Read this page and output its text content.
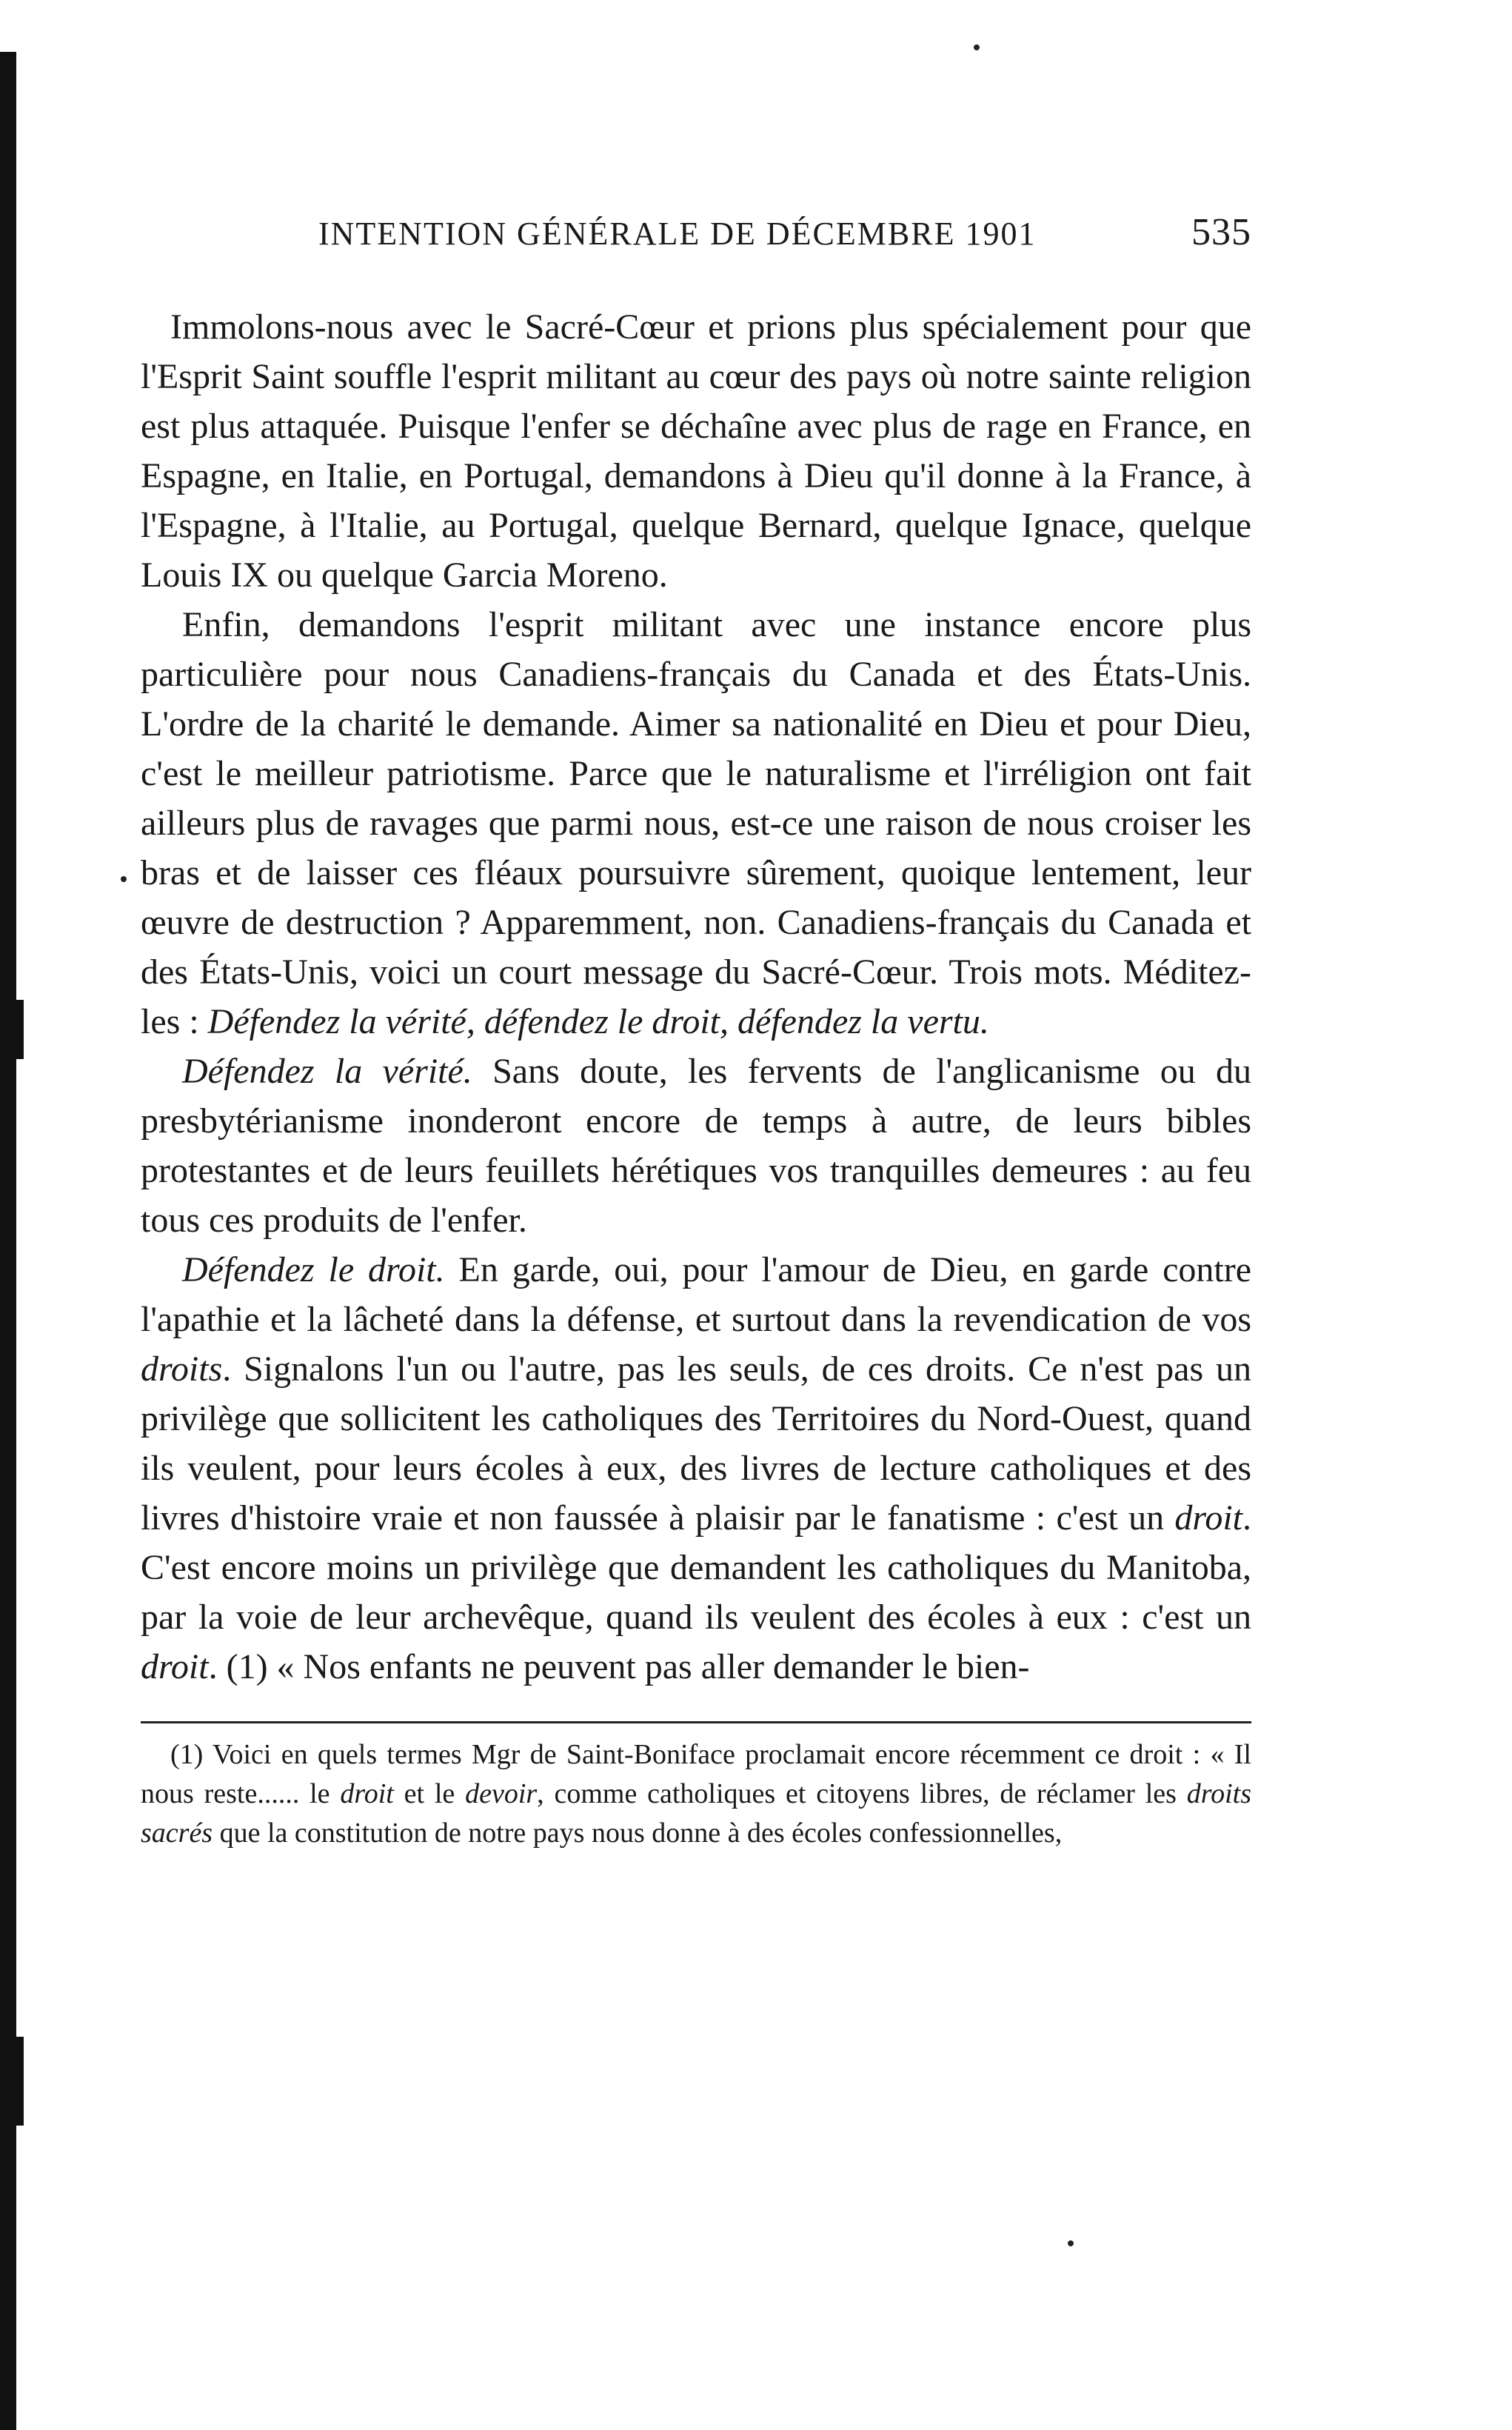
INTENTION GÉNÉRALE DE DÉCEMBRE 1901	535

Immolons-nous avec le Sacré-Cœur et prions plus spécialement pour que l'Esprit Saint souffle l'esprit militant au cœur des pays où notre sainte religion est plus attaquée. Puisque l'enfer se déchaîne avec plus de rage en France, en Espagne, en Italie, en Portugal, demandons à Dieu qu'il donne à la France, à l'Espagne, à l'Italie, au Portugal, quelque Bernard, quelque Ignace, quelque Louis IX ou quelque Garcia Moreno.

Enfin, demandons l'esprit militant avec une instance encore plus particulière pour nous Canadiens-français du Canada et des États-Unis. L'ordre de la charité le demande. Aimer sa nationalité en Dieu et pour Dieu, c'est le meilleur patriotisme. Parce que le naturalisme et l'irréligion ont fait ailleurs plus de ravages que parmi nous, est-ce une raison de nous croiser les bras et de laisser ces fléaux poursuivre sûrement, quoique lentement, leur œuvre de destruction ? Apparemment, non. Canadiens-français du Canada et des États-Unis, voici un court message du Sacré-Cœur. Trois mots. Méditez-les : Défendez la vérité, défendez le droit, défendez la vertu.

Défendez la vérité. Sans doute, les fervents de l'anglicanisme ou du presbytérianisme inonderont encore de temps à autre, de leurs bibles protestantes et de leurs feuillets hérétiques vos tranquilles demeures : au feu tous ces produits de l'enfer.

Défendez le droit. En garde, oui, pour l'amour de Dieu, en garde contre l'apathie et la lâcheté dans la défense, et surtout dans la revendication de vos droits. Signalons l'un ou l'autre, pas les seuls, de ces droits. Ce n'est pas un privilège que sollicitent les catholiques des Territoires du Nord-Ouest, quand ils veulent, pour leurs écoles à eux, des livres de lecture catholiques et des livres d'histoire vraie et non faussée à plaisir par le fanatisme : c'est un droit. C'est encore moins un privilège que demandent les catholiques du Manitoba, par la voie de leur archevêque, quand ils veulent des écoles à eux : c'est un droit. (1) « Nos enfants ne peuvent pas aller demander le bien-

(1) Voici en quels termes Mgr de Saint-Boniface proclamait encore récemment ce droit : « Il nous reste...... le droit et le devoir, comme catholiques et citoyens libres, de réclamer les droits sacrés que la constitution de notre pays nous donne à des écoles confessionnelles,
